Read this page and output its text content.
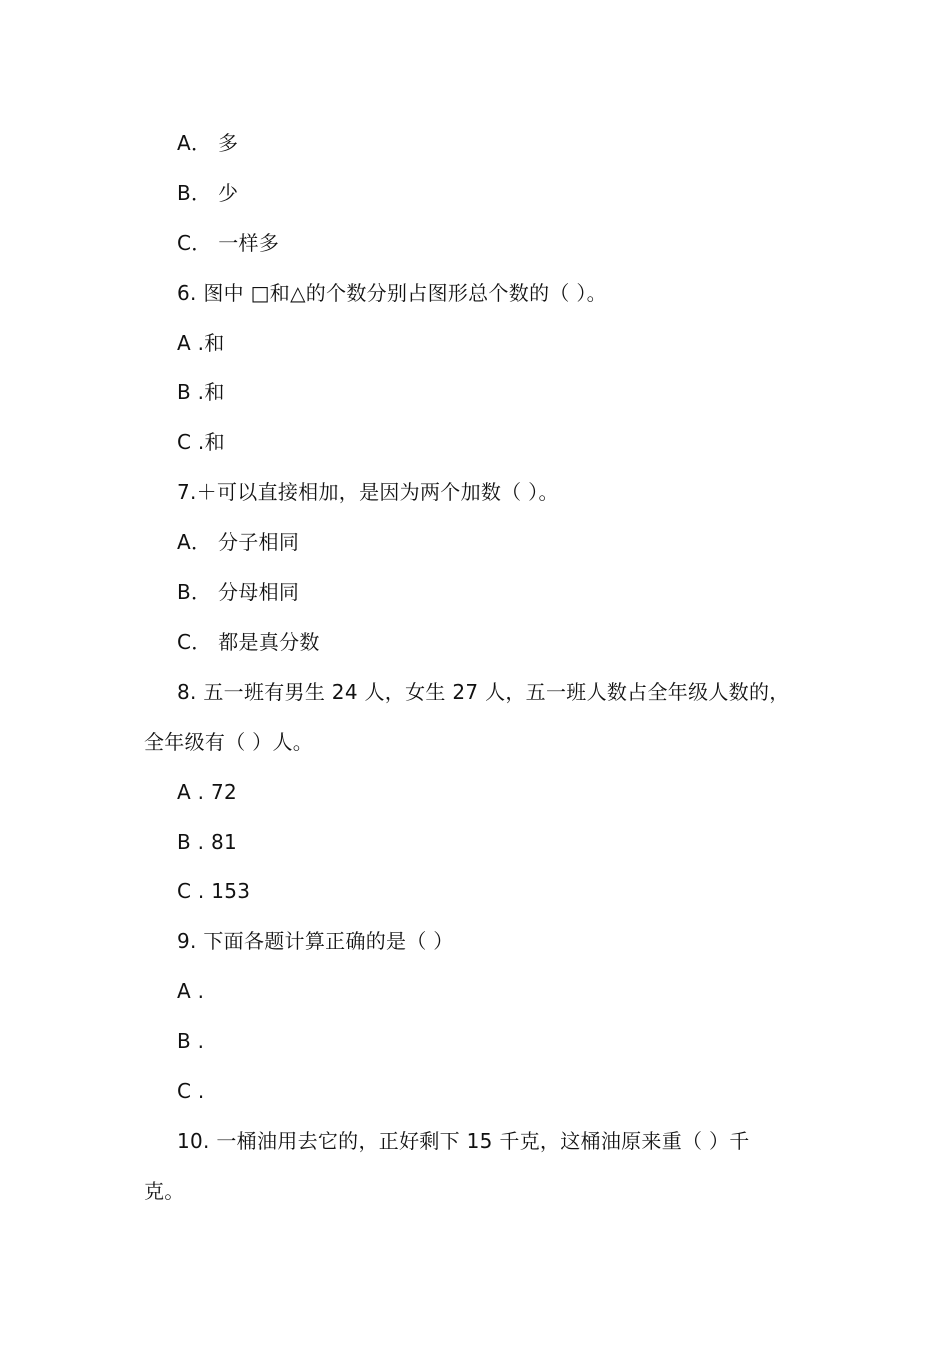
A． 多
B． 少
C． 一样多
6. 图中 □和△的个数分别占图形总个数的（ ）。
A .和
B .和
C .和
7.＋可以直接相加，是因为两个加数（ ）。
A． 分子相同
B． 分母相同
C． 都是真分数
8. 五一班有男生 24 人，女生 27 人，五一班人数占全年级人数的，
全年级有（ ）人。
A . 72
B . 81
C . 153
9. 下面各题计算正确的是（ ）
A .
B .
C .
10. 一桶油用去它的，正好剩下 15 千克，这桶油原来重（ ）千
克。
